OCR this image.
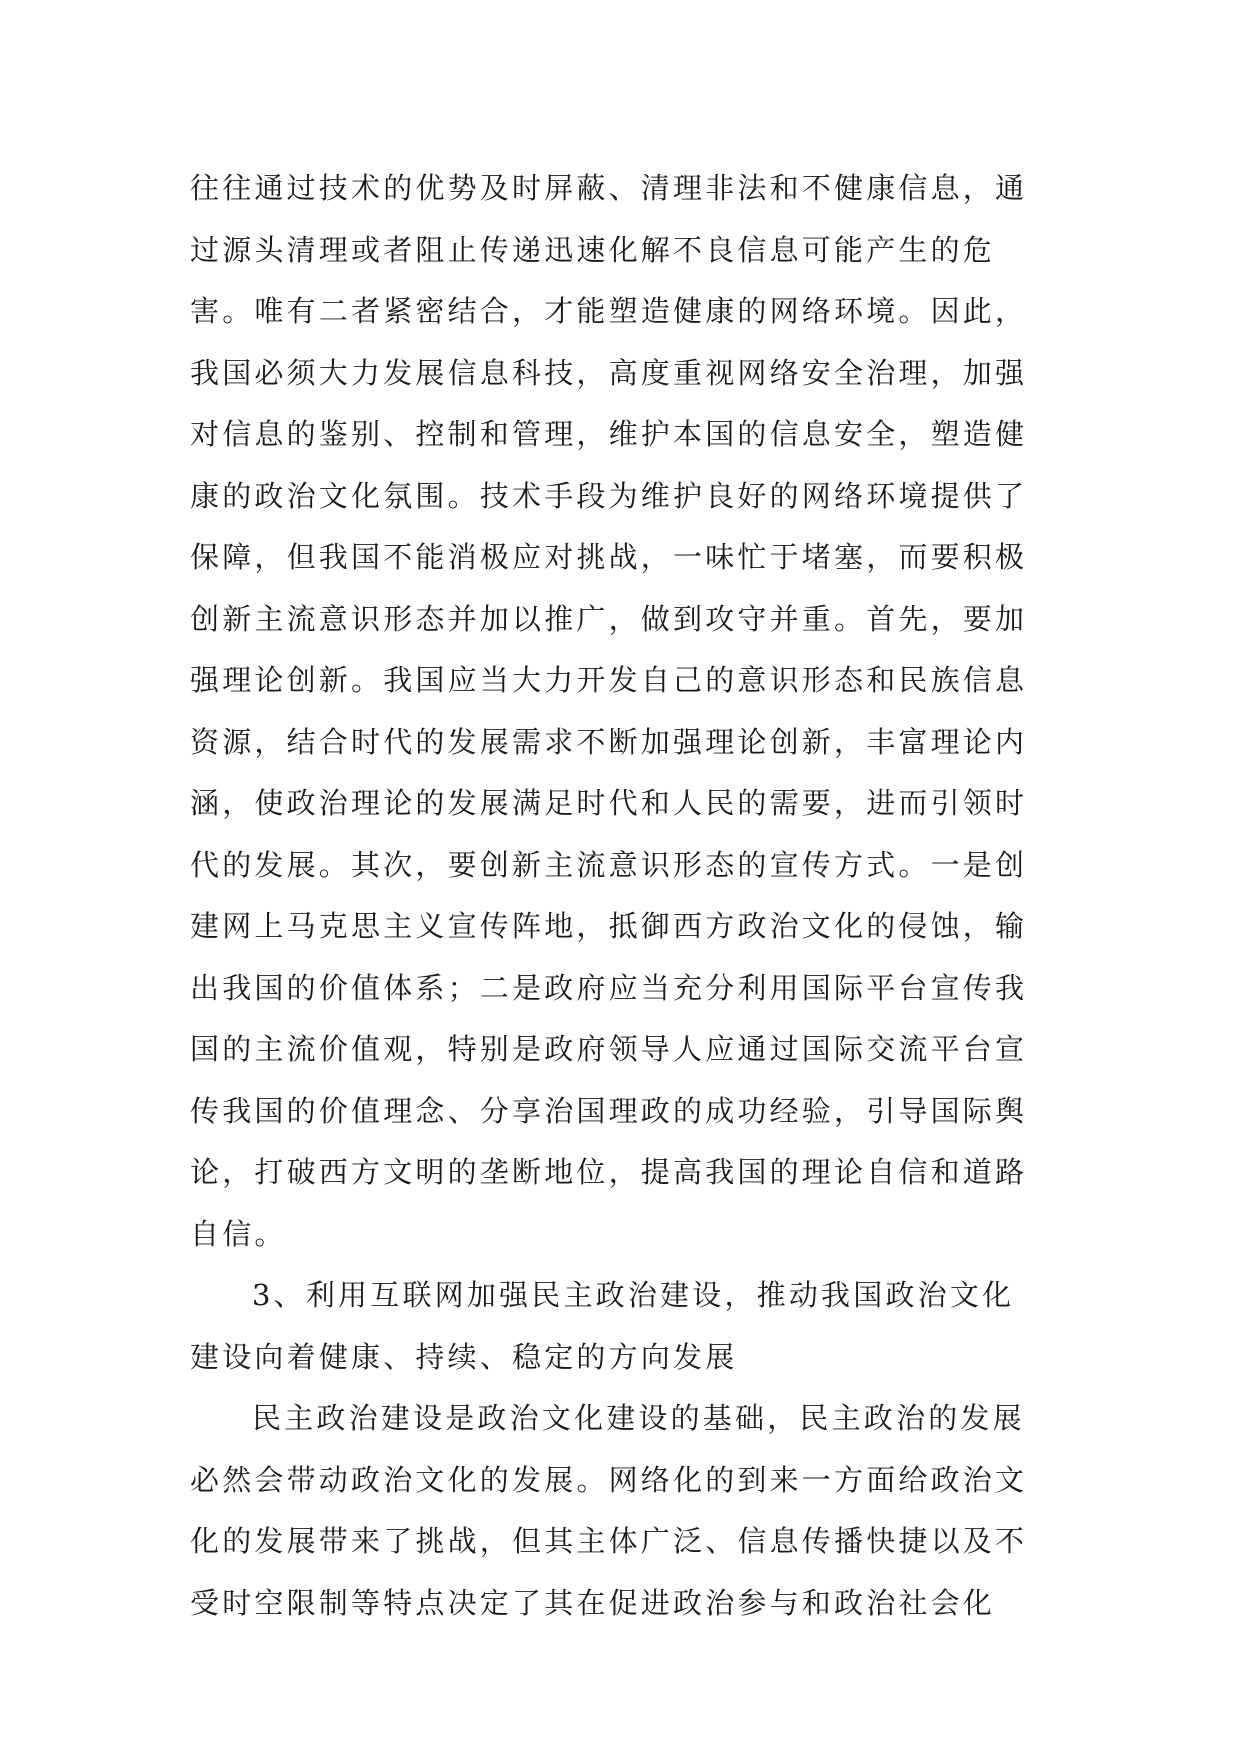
往往通过技术的优势及时屏蔽、清理非法和不健康信息，通
过源头清理或者阻止传递迅速化解不良信息可能产生的危
害。唯有二者紧密结合，才能塑造健康的网络环境。因此，
我国必须大力发展信息科技，高度重视网络安全治理，加强
对信息的鉴别、控制和管理，维护本国的信息安全，塑造健
康的政治文化氛围。技术手段为维护良好的网络环境提供了
保障，但我国不能消极应对挑战，一味忙于堵塞，而要积极
创新主流意识形态并加以推广，做到攻守并重。首先，要加
强理论创新。我国应当大力开发自己的意识形态和民族信息
资源，结合时代的发展需求不断加强理论创新，丰富理论内
涵，使政治理论的发展满足时代和人民的需要，进而引领时
代的发展。其次，要创新主流意识形态的宣传方式。一是创
建网上马克思主义宣传阵地，抵御西方政治文化的侵蚀，输
出我国的价值体系；二是政府应当充分利用国际平台宣传我
国的主流价值观，特别是政府领导人应通过国际交流平台宣
传我国的价值理念、分享治国理政的成功经验，引导国际舆
论，打破西方文明的垄断地位，提高我国的理论自信和道路
自信。
3、利用互联网加强民主政治建设，推动我国政治文化
建设向着健康、持续、稳定的方向发展
民主政治建设是政治文化建设的基础，民主政治的发展
必然会带动政治文化的发展。网络化的到来一方面给政治文
化的发展带来了挑战，但其主体广泛、信息传播快捷以及不
受时空限制等特点决定了其在促进政治参与和政治社会化
